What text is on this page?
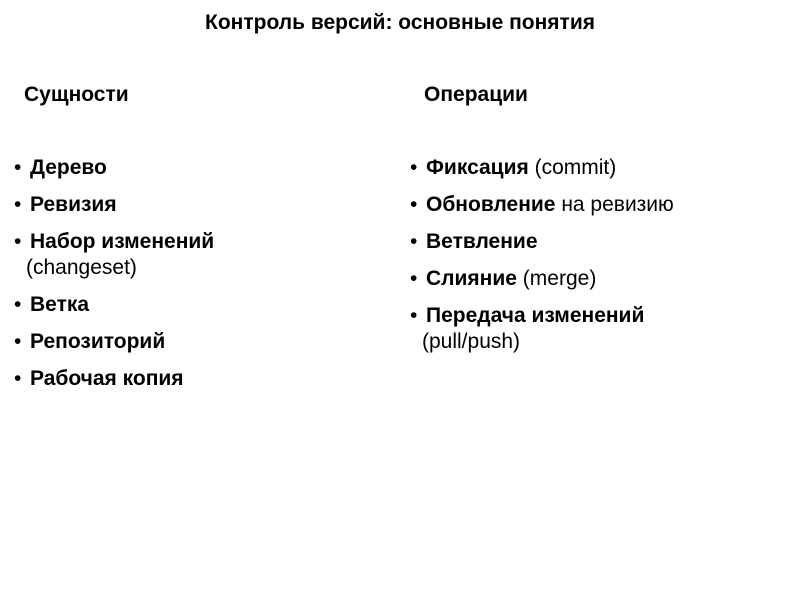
Контроль версий: основные понятия
Сущности	Операции
• Дерево
• Ревизия
• Набор изменений
(changeset)
• Ветка
• Репозиторий
• Рабочая копия
• Фиксация (commit)
• Обновление на ревизию
• Ветвление
• Слияние (merge)
• Передача изменений
(pull/push)
